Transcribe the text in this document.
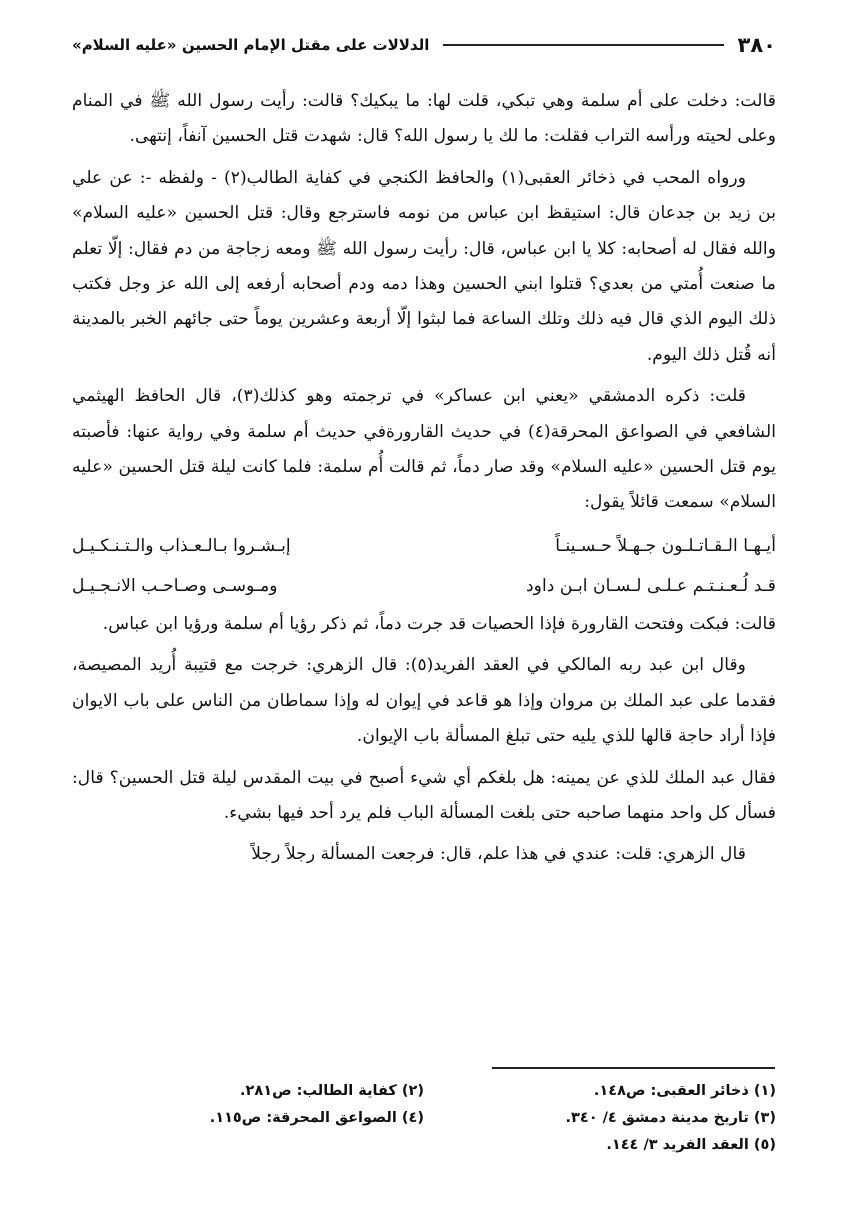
٣٨٠
الدلالات على مقتل الإمام الحسين «عليه السلام»

قالت: دخلت على أم سلمة وهي تبكي، قلت لها: ما يبكيك؟ قالت: رأيت رسول الله ﷺ في المنام وعلى لحيته ورأسه التراب فقلت: ما لك يا رسول الله؟ قال: شهدت قتل الحسين آنفاً، إنتهى.

ورواه المحب في ذخائر العقبى(١) والحافظ الكنجي في كفاية الطالب(٢) - ولفظه -: عن علي بن زيد بن جدعان قال: استيقظ ابن عباس من نومه فاسترجع وقال: قتل الحسين «عليه السلام» والله فقال له أصحابه: كلا يا ابن عباس، قال: رأيت رسول الله ﷺ ومعه زجاجة من دم فقال: إلّا تعلم ما صنعت أُمتي من بعدي؟ قتلوا ابني الحسين وهذا دمه ودم أصحابه أرفعه إلى الله عز وجل فكتب ذلك اليوم الذي قال فيه ذلك وتلك الساعة فما لبثوا إلّا أربعة وعشرين يوماً حتى جائهم الخبر بالمدينة أنه قُتل ذلك اليوم.

قلت: ذكره الدمشقي «يعني ابن عساكر» في ترجمته وهو كذلك(٣)، قال الحافظ الهيثمي الشافعي في الصواعق المحرقة(٤) في حديث القارورةفي حديث أم سلمة وفي رواية عنها: فأصبته يوم قتل الحسين «عليه السلام» وقد صار دماً، ثم قالت أُم سلمة: فلما كانت ليلة قتل الحسين «عليه السلام» سمعت قائلاً يقول:

أيـهـا الـقـاتـلـون جـهـلاً حـسـينـاً
إبـشـروا بـالـعـذاب والـتـنـكـيـل
قـد لُـعـنـتـم عـلـى لـسـان ابـن داود
ومـوسـى وصـاحـب الانـجـيـل

قالت: فبكت وفتحت القارورة فإذا الحصيات قد جرت دماً، ثم ذكر رؤيا أم سلمة ورؤيا ابن عباس.

وقال ابن عبد ربه المالكي في العقد الفريد(٥): قال الزهري: خرجت مع قتيبة أُريد المصيصة، فقدما على عبد الملك بن مروان وإذا هو قاعد في إيوان له وإذا سماطان من الناس على باب الايوان فإذا أراد حاجة قالها للذي يليه حتى تبلغ المسألة باب الإيوان.

فقال عبد الملك للذي عن يمينه: هل بلغكم أي شيء أصبح في بيت المقدس ليلة قتل الحسين؟ قال: فسأل كل واحد منهما صاحبه حتى بلغت المسألة الباب فلم يرد أحد فيها بشيء.

قال الزهري: قلت: عندي في هذا علم، قال: فرجعت المسألة رجلاً رجلاً

(١) ذخائر العقبى: ص١٤٨.
(٢) كفاية الطالب: ص٢٨١.
(٣) تاريخ مدينة دمشق ٤/ ٣٤٠.
(٤) الصواعق المحرقة: ص١١٥.
(٥) العقد الفريد ٣/ ١٤٤.
